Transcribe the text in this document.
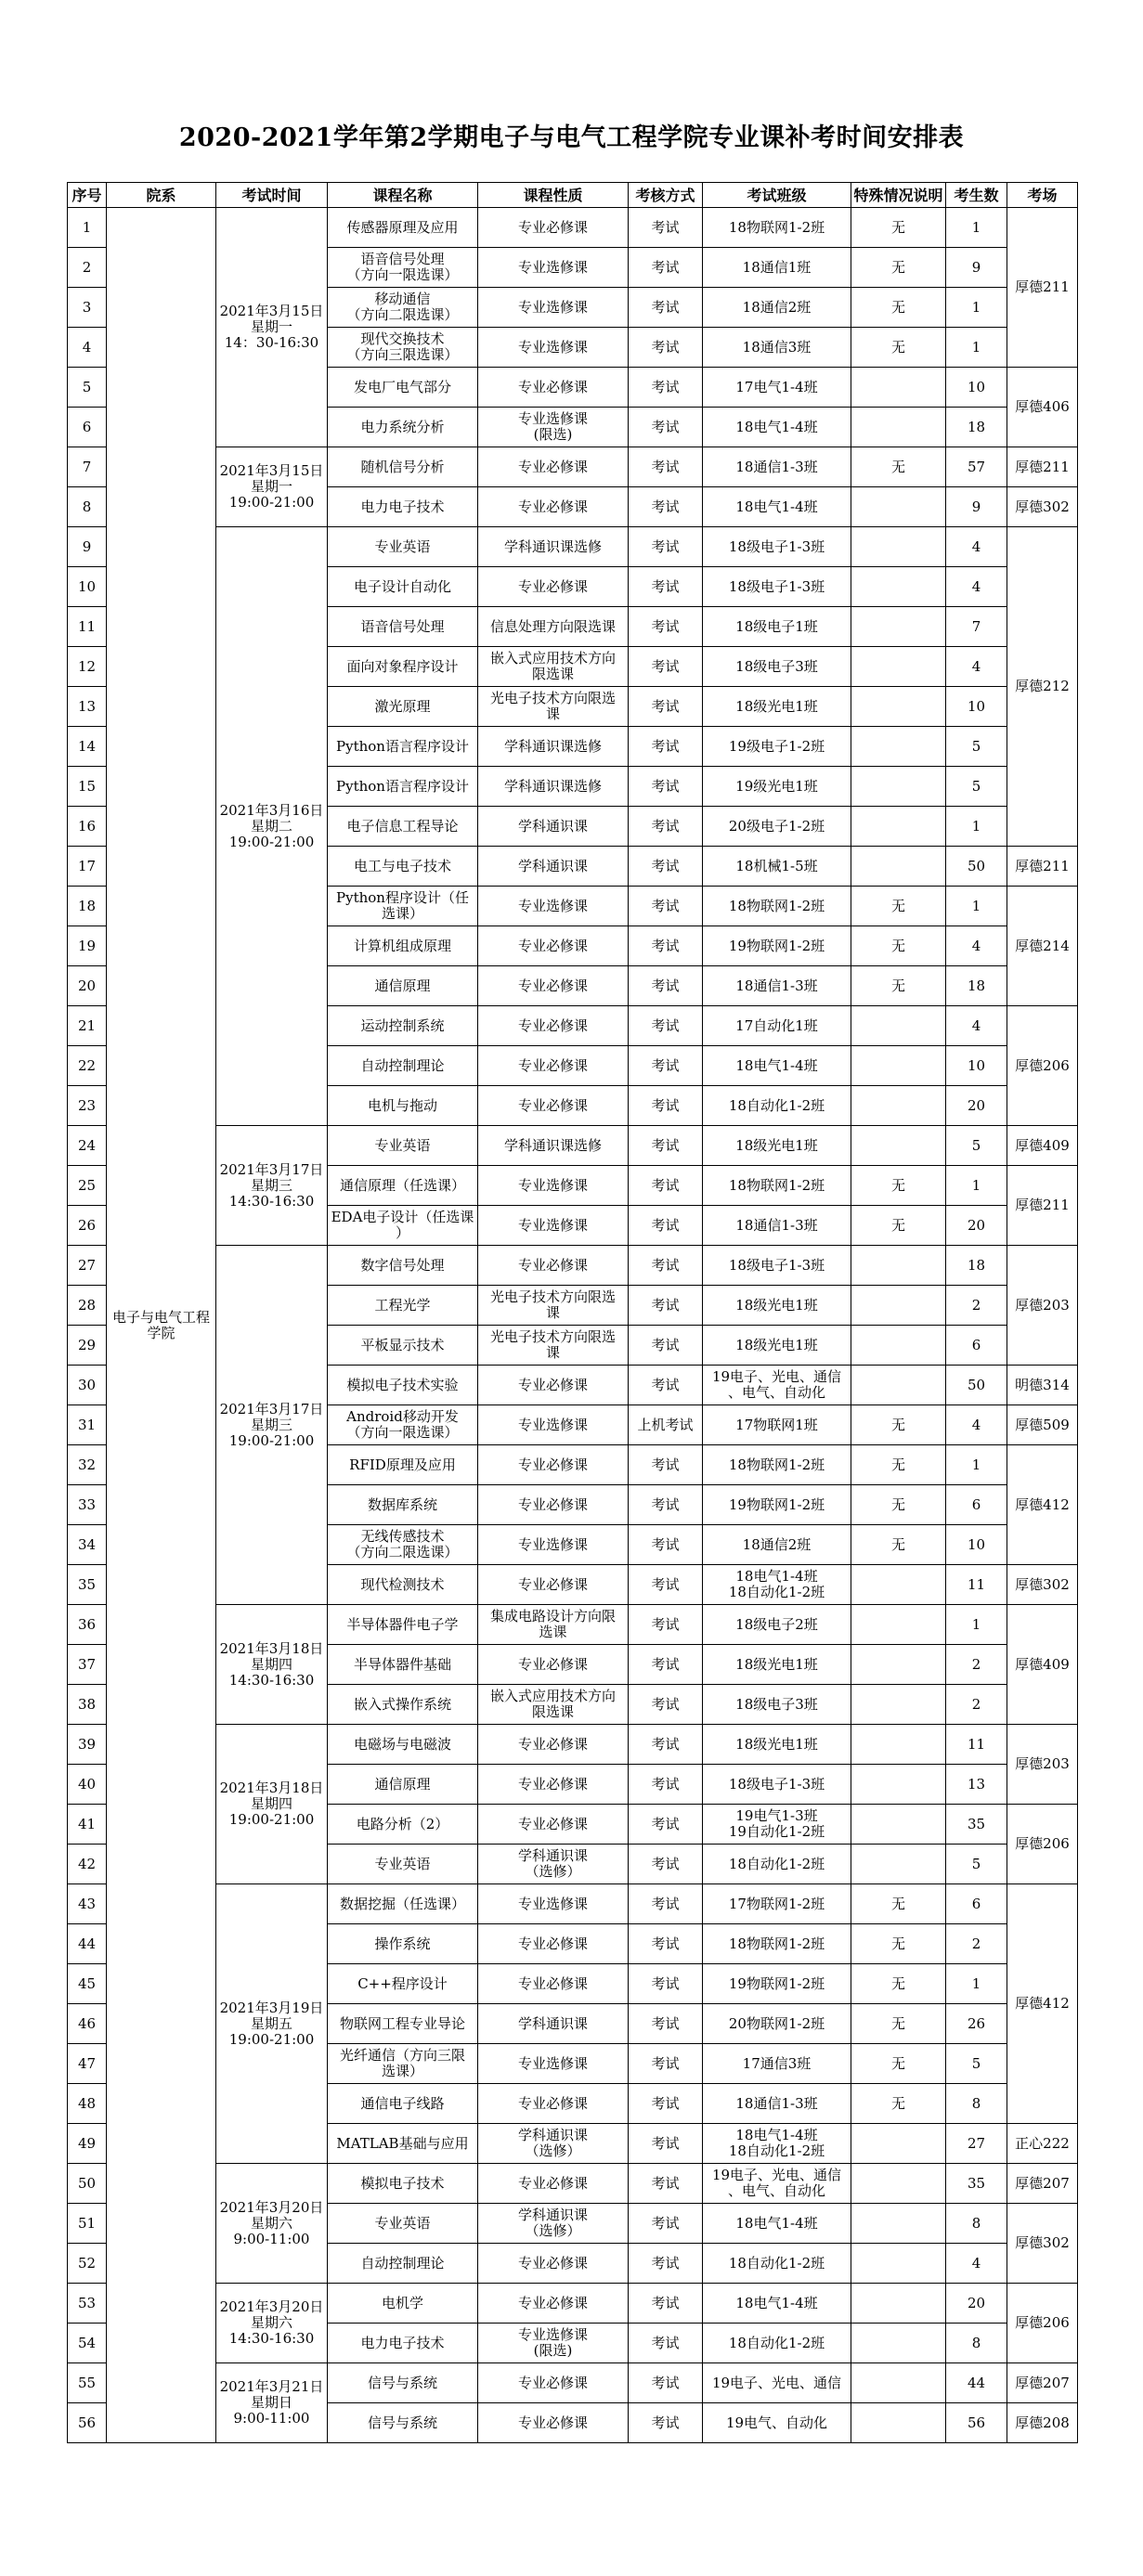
2020-2021学年第2学期电子与电气工程学院专业课补考时间安排表
序号	院系	考试时间	课程名称	课程性质	考核方式	考试班级	特殊情况说明	考生数	考场
1	电子与电气工程学院	2021年3月15日
星期一
14：30-16:30	传感器原理及应用	专业必修课	考试	18物联网1-2班	无	1	厚德211
2			语音信号处理
（方向一限选课）	专业选修课	考试	18通信1班	无	9	
3			移动通信
（方向二限选课）	专业选修课	考试	18通信2班	无	1	
4			现代交换技术
（方向三限选课）	专业选修课	考试	18通信3班	无	1	
5			发电厂电气部分	专业必修课	考试	17电气1-4班		10	厚德406
6			电力系统分析	专业选修课
(限选)	考试	18电气1-4班		18	
7		2021年3月15日
星期一
19:00-21:00	随机信号分析	专业必修课	考试	18通信1-3班	无	57	厚德211
8			电力电子技术	专业必修课	考试	18电气1-4班		9	厚德302
9		2021年3月16日
星期二
19:00-21:00	专业英语	学科通识课选修	考试	18级电子1-3班		4	厚德212
10			电子设计自动化	专业必修课	考试	18级电子1-3班		4	
11			语音信号处理	信息处理方向限选课	考试	18级电子1班		7	
12			面向对象程序设计	嵌入式应用技术方向
限选课	考试	18级电子3班		4	
13			激光原理	光电子技术方向限选
课	考试	18级光电1班		10	
14			Python语言程序设计	学科通识课选修	考试	19级电子1-2班		5	
15			Python语言程序设计	学科通识课选修	考试	19级光电1班		5	
16			电子信息工程导论	学科通识课	考试	20级电子1-2班		1	
17			电工与电子技术	学科通识课	考试	18机械1-5班		50	厚德211
18			Python程序设计（任
选课）	专业选修课	考试	18物联网1-2班	无	1	厚德214
19			计算机组成原理	专业必修课	考试	19物联网1-2班	无	4	
20			通信原理	专业必修课	考试	18通信1-3班	无	18	
21			运动控制系统	专业必修课	考试	17自动化1班		4	厚德206
22			自动控制理论	专业必修课	考试	18电气1-4班		10	
23			电机与拖动	专业必修课	考试	18自动化1-2班		20	
24		2021年3月17日
星期三
14:30-16:30	专业英语	学科通识课选修	考试	18级光电1班		5	厚德409
25			通信原理（任选课）	专业选修课	考试	18物联网1-2班	无	1	厚德211
26			EDA电子设计（任选课
）	专业选修课	考试	18通信1-3班	无	20	
27		2021年3月17日
星期三
19:00-21:00	数字信号处理	专业必修课	考试	18级电子1-3班		18	厚德203
28			工程光学	光电子技术方向限选
课	考试	18级光电1班		2	
29			平板显示技术	光电子技术方向限选
课	考试	18级光电1班		6	
30			模拟电子技术实验	专业必修课	考试	19电子、光电、通信
、电气、自动化		50	明德314
31			Android移动开发
（方向一限选课）	专业选修课	上机考试	17物联网1班	无	4	厚德509
32			RFID原理及应用	专业必修课	考试	18物联网1-2班	无	1	厚德412
33			数据库系统	专业必修课	考试	19物联网1-2班	无	6	
34			无线传感技术
（方向二限选课）	专业选修课	考试	18通信2班	无	10	
35			现代检测技术	专业必修课	考试	18电气1-4班
18自动化1-2班		11	厚德302
36		2021年3月18日
星期四
14:30-16:30	半导体器件电子学	集成电路设计方向限
选课	考试	18级电子2班		1	厚德409
37			半导体器件基础	专业必修课	考试	18级光电1班		2	
38			嵌入式操作系统	嵌入式应用技术方向
限选课	考试	18级电子3班		2	
39		2021年3月18日
星期四
19:00-21:00	电磁场与电磁波	专业必修课	考试	18级光电1班		11	厚德203
40			通信原理	专业必修课	考试	18级电子1-3班		13	
41			电路分析（2）	专业必修课	考试	19电气1-3班
19自动化1-2班		35	厚德206
42			专业英语	学科通识课
（选修）	考试	18自动化1-2班		5	
43		2021年3月19日
星期五
19:00-21:00	数据挖掘（任选课）	专业选修课	考试	17物联网1-2班	无	6	厚德412
44			操作系统	专业必修课	考试	18物联网1-2班	无	2	
45			C++程序设计	专业必修课	考试	19物联网1-2班	无	1	
46			物联网工程专业导论	学科通识课	考试	20物联网1-2班	无	26	
47			光纤通信（方向三限
选课）	专业选修课	考试	17通信3班	无	5	
48			通信电子线路	专业必修课	考试	18通信1-3班	无	8	
49			MATLAB基础与应用	学科通识课
（选修）	考试	18电气1-4班
18自动化1-2班		27	正心222
50		2021年3月20日
星期六
9:00-11:00	模拟电子技术	专业必修课	考试	19电子、光电、通信
、电气、自动化		35	厚德207
51			专业英语	学科通识课
（选修）	考试	18电气1-4班		8	厚德302
52			自动控制理论	专业必修课	考试	18自动化1-2班		4	
53		2021年3月20日
星期六
14:30-16:30	电机学	专业必修课	考试	18电气1-4班		20	厚德206
54			电力电子技术	专业选修课
(限选)	考试	18自动化1-2班		8	
55		2021年3月21日
星期日
9:00-11:00	信号与系统	专业必修课	考试	19电子、光电、通信		44	厚德207
56			信号与系统	专业必修课	考试	19电气、自动化		56	厚德208
